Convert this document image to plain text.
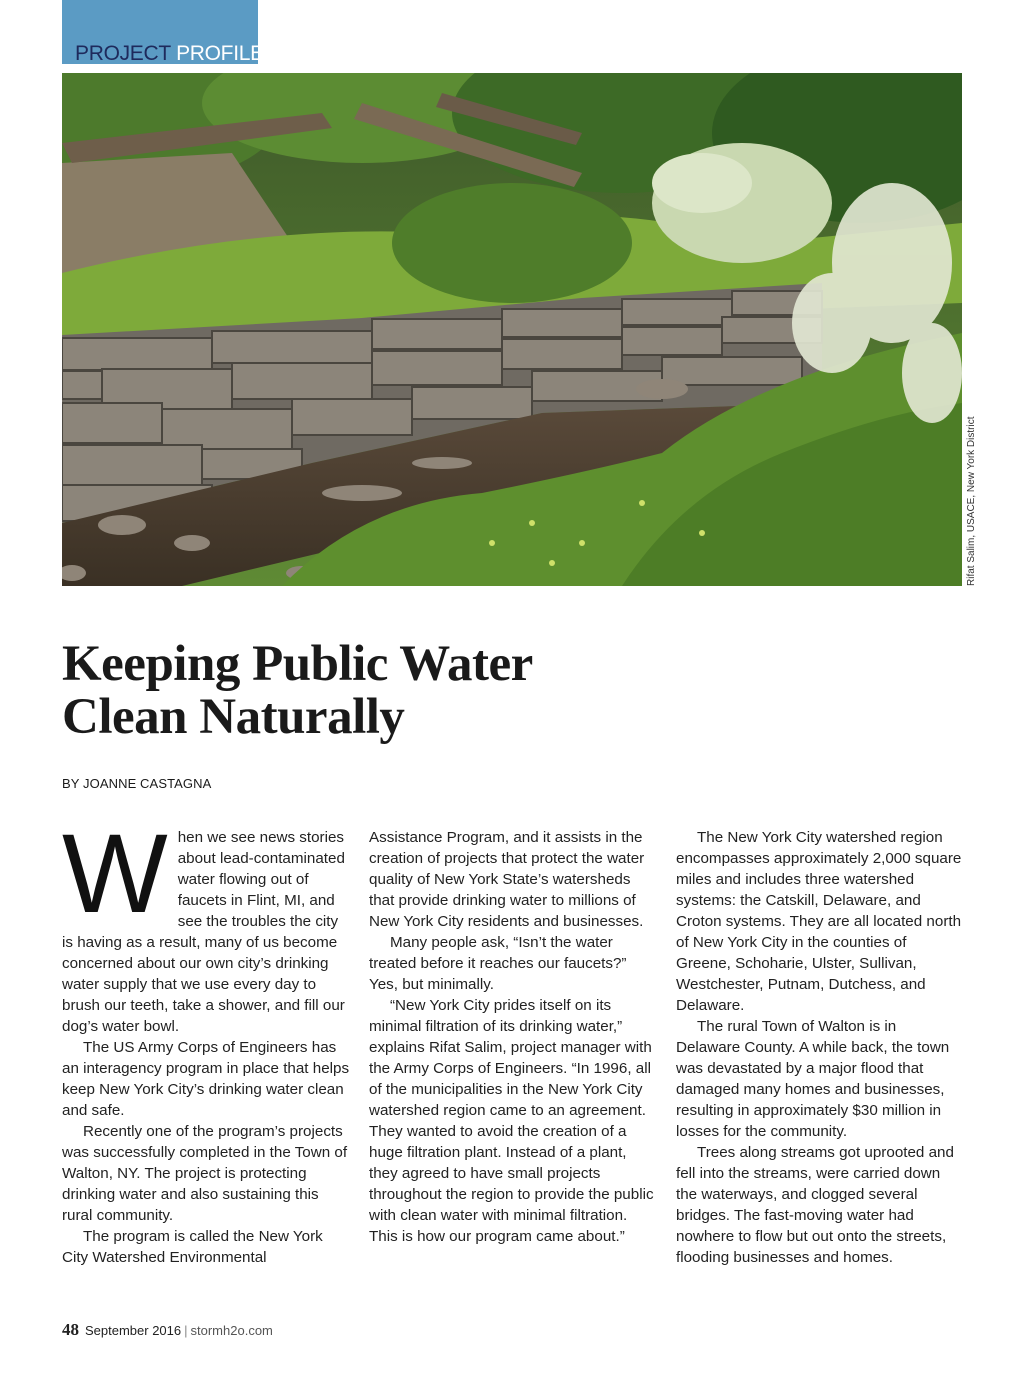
PROJECT PROFILE
Rifat Salim, USACE, New York District
Keeping Public Water
Clean Naturally
BY JOANNE CASTAGNA
W hen we see news stories about lead-contaminated water flowing out of faucets in Flint, MI, and see the troubles the city is having as a result, many of us become concerned about our own city’s drinking water supply that we use every day to brush our teeth, take a shower, and fill our dog’s water bowl.

The US Army Corps of Engineers has an interagency program in place that helps keep New York City’s drinking water clean and safe.

Recently one of the program’s projects was successfully completed in the Town of Walton, NY. The project is protecting drinking water and also sustaining this rural community.

The program is called the New York City Watershed Environmental

Assistance Program, and it assists in the creation of projects that protect the water quality of New York State’s watersheds that provide drinking water to millions of New York City residents and businesses.

Many people ask, “Isn’t the water treated before it reaches our faucets?” Yes, but minimally.

“New York City prides itself on its minimal filtration of its drinking water,” explains Rifat Salim, project manager with the Army Corps of Engineers. “In 1996, all of the municipalities in the New York City watershed region came to an agreement. They wanted to avoid the creation of a huge filtration plant. Instead of a plant, they agreed to have small projects throughout the region to provide the public with clean water with minimal filtration. This is how our program came about.”

The New York City watershed region encompasses approximately 2,000 square miles and includes three watershed systems: the Catskill, Delaware, and Croton systems. They are all located north of New York City in the counties of Greene, Schoharie, Ulster, Sullivan, Westchester, Putnam, Dutchess, and Delaware.

The rural Town of Walton is in Delaware County. A while back, the town was devastated by a major flood that damaged many homes and businesses, resulting in approximately $30 million in losses for the community.

Trees along streams got uprooted and fell into the streams, were carried down the waterways, and clogged several bridges. The fast-moving water had nowhere to flow but out onto the streets, flooding businesses and homes.

48 September 2016 | stormh2o.com
